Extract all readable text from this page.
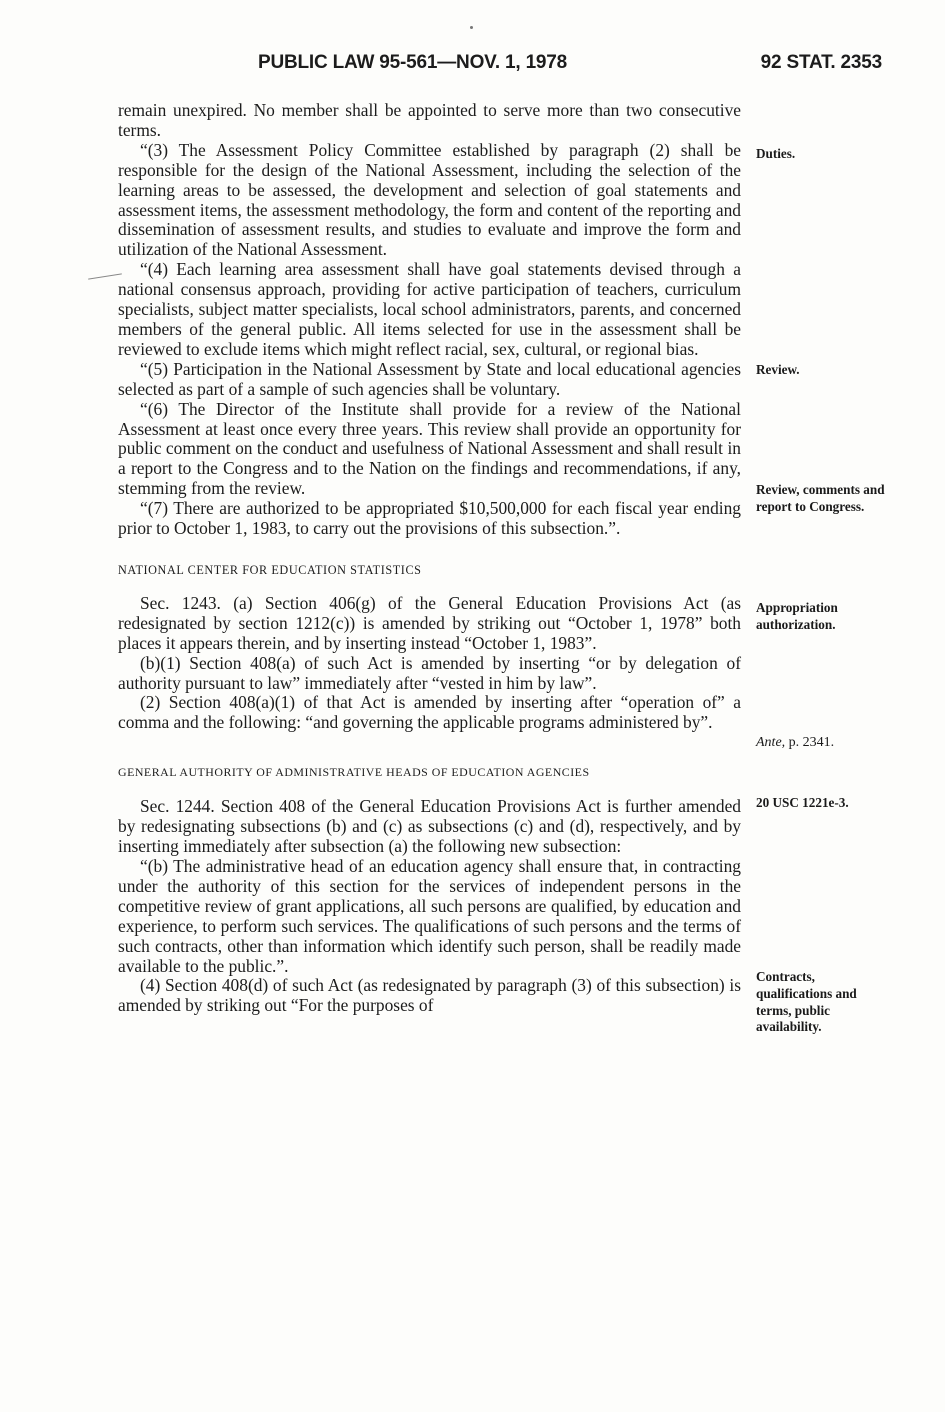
PUBLIC LAW 95-561—NOV. 1, 1978	92 STAT. 2353

remain unexpired. No member shall be appointed to serve more than two consecutive terms.

“(3) The Assessment Policy Committee established by paragraph (2) shall be responsible for the design of the National Assessment, including the selection of the learning areas to be assessed, the development and selection of goal statements and assessment items, the assessment methodology, the form and content of the reporting and dissemination of assessment results, and studies to evaluate and improve the form and utilization of the National Assessment.

“(4) Each learning area assessment shall have goal statements devised through a national consensus approach, providing for active participation of teachers, curriculum specialists, subject matter specialists, local school administrators, parents, and concerned members of the general public. All items selected for use in the assessment shall be reviewed to exclude items which might reflect racial, sex, cultural, or regional bias.

“(5) Participation in the National Assessment by State and local educational agencies selected as part of a sample of such agencies shall be voluntary.

“(6) The Director of the Institute shall provide for a review of the National Assessment at least once every three years. This review shall provide an opportunity for public comment on the conduct and usefulness of National Assessment and shall result in a report to the Congress and to the Nation on the findings and recommendations, if any, stemming from the review.

“(7) There are authorized to be appropriated $10,500,000 for each fiscal year ending prior to October 1, 1983, to carry out the provisions of this subsection.”.

NATIONAL CENTER FOR EDUCATION STATISTICS

Sec. 1243. (a) Section 406(g) of the General Education Provisions Act (as redesignated by section 1212(c)) is amended by striking out “October 1, 1978” both places it appears therein, and by inserting instead “October 1, 1983”.

(b)(1) Section 408(a) of such Act is amended by inserting “or by delegation of authority pursuant to law” immediately after “vested in him by law”.

(2) Section 408(a)(1) of that Act is amended by inserting after “operation of” a comma and the following: “and governing the applicable programs administered by”.

GENERAL AUTHORITY OF ADMINISTRATIVE HEADS OF EDUCATION AGENCIES

Sec. 1244. Section 408 of the General Education Provisions Act is further amended by redesignating subsections (b) and (c) as subsections (c) and (d), respectively, and by inserting immediately after subsection (a) the following new subsection:

“(b) The administrative head of an education agency shall ensure that, in contracting under the authority of this section for the services of independent persons in the competitive review of grant applications, all such persons are qualified, by education and experience, to perform such services. The qualifications of such persons and the terms of such contracts, other than information which identify such person, shall be readily made available to the public.”.

(4) Section 408(d) of such Act (as redesignated by paragraph (3) of this subsection) is amended by striking out “For the purposes of

Duties.
Review.
Review, comments and report to Congress.
Appropriation authorization.
Ante, p. 2341.
20 USC 1221e-3.
Contracts, qualifications and terms, public availability.
